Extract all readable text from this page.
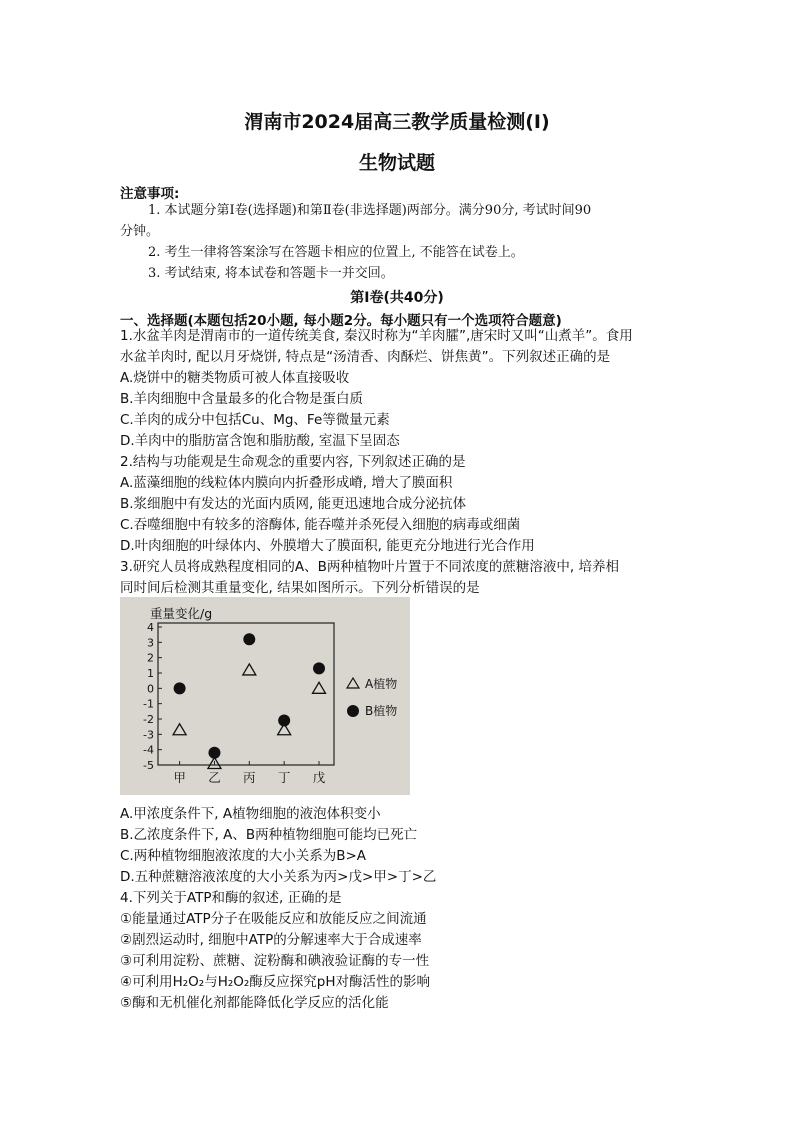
渭南市2024届高三教学质量检测(Ⅰ)
生物试题
注意事项:
1. 本试题分第Ⅰ卷(选择题)和第Ⅱ卷(非选择题)两部分。满分90分, 考试时间90
分钟。
2. 考生一律将答案涂写在答题卡相应的位置上, 不能答在试卷上。
3. 考试结束, 将本试卷和答题卡一并交回。
第Ⅰ卷(共40分)
一、选择题(本题包括20小题, 每小题2分。每小题只有一个选项符合题意)
1.水盆羊肉是渭南市的一道传统美食, 秦汉时称为“羊肉臛”,唐宋时又叫“山煮羊”。食用
水盆羊肉时, 配以月牙烧饼, 特点是“汤清香、肉酥烂、饼焦黄”。下列叙述正确的是
A.烧饼中的糖类物质可被人体直接吸收
B.羊肉细胞中含量最多的化合物是蛋白质
C.羊肉的成分中包括Cu、Mg、Fe等微量元素
D.羊肉中的脂肪富含饱和脂肪酸, 室温下呈固态
2.结构与功能观是生命观念的重要内容, 下列叙述正确的是
A.蓝藻细胞的线粒体内膜向内折叠形成嵴, 增大了膜面积
B.浆细胞中有发达的光面内质网, 能更迅速地合成分泌抗体
C.吞噬细胞中有较多的溶酶体, 能吞噬并杀死侵入细胞的病毒或细菌
D.叶肉细胞的叶绿体内、外膜增大了膜面积, 能更充分地进行光合作用
3.研究人员将成熟程度相同的A、B两种植物叶片置于不同浓度的蔗糖溶液中, 培养相
同时间后检测其重量变化, 结果如图所示。下列分析错误的是
重量变化/g
4
3
2
1
0
-1
-2
-3
-4
-5
甲 乙 丙 丁 戊
A植物
B植物
A.甲浓度条件下, A植物细胞的液泡体积变小
B.乙浓度条件下, A、B两种植物细胞可能均已死亡
C.两种植物细胞液浓度的大小关系为B>A
D.五种蔗糖溶液浓度的大小关系为丙>戊>甲>丁>乙
4.下列关于ATP和酶的叙述, 正确的是
①能量通过ATP分子在吸能反应和放能反应之间流通
②剧烈运动时, 细胞中ATP的分解速率大于合成速率
③可利用淀粉、蔗糖、淀粉酶和碘液验证酶的专一性
④可利用H₂O₂与H₂O₂酶反应探究pH对酶活性的影响
⑤酶和无机催化剂都能降低化学反应的活化能
